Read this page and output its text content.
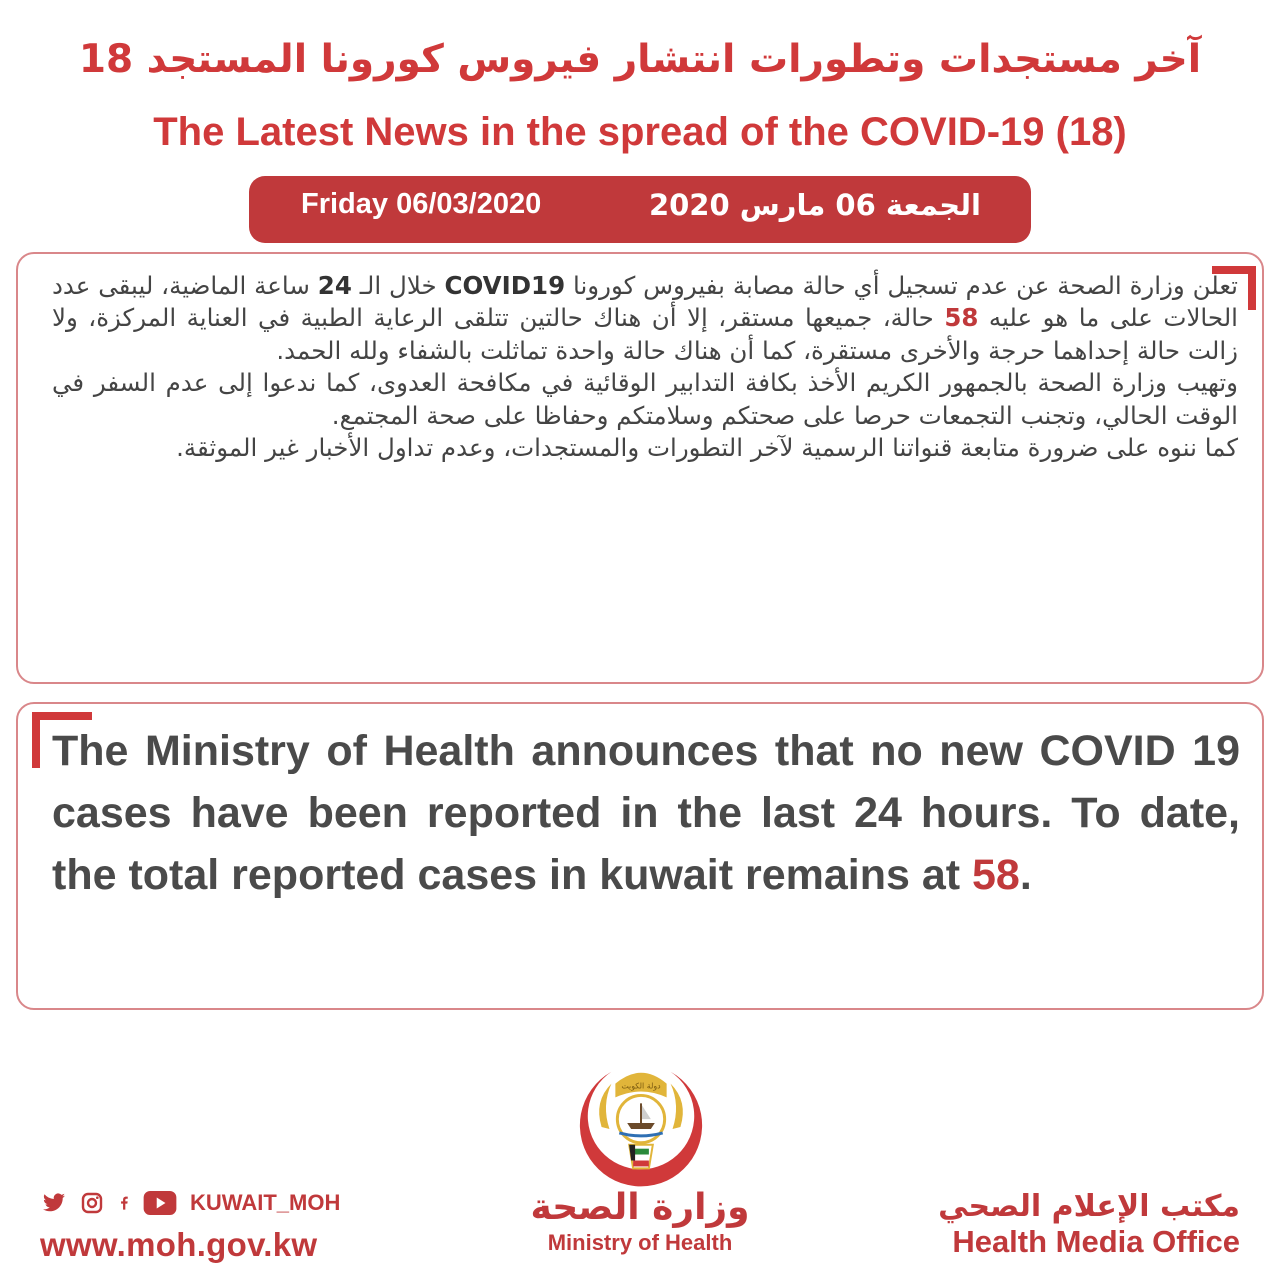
آخر مستجدات وتطورات انتشار فيروس كورونا المستجد 18
The Latest News in the spread of the COVID-19 (18)
Friday 06/03/2020	الجمعة 06 مارس 2020

تعلن وزارة الصحة عن عدم تسجيل أي حالة مصابة بفيروس كورونا COVID19 خلال الـ 24 ساعة الماضية، ليبقى عدد الحالات على ما هو عليه 58 حالة، جميعها مستقر، إلا أن هناك حالتين تتلقى الرعاية الطبية في العناية المركزة، ولا زالت حالة إحداهما حرجة والأخرى مستقرة، كما أن هناك حالة واحدة تماثلت بالشفاء ولله الحمد.

وتهيب وزارة الصحة بالجمهور الكريم الأخذ بكافة التدابير الوقائية في مكافحة العدوى، كما ندعوا إلى عدم السفر في الوقت الحالي، وتجنب التجمعات حرصا على صحتكم وسلامتكم وحفاظا على صحة المجتمع.

كما ننوه على ضرورة متابعة قنواتنا الرسمية لآخر التطورات والمستجدات، وعدم تداول الأخبار غير الموثقة.

The Ministry of Health announces that no new COVID 19 cases have been reported in the last 24 hours. To date, the total reported cases in kuwait remains at 58.
KUWAIT_MOH
www.moh.gov.kw
دولة الكويت
وزارة الصحة
Ministry of Health
مكتب الإعلام الصحي
Health Media Office
